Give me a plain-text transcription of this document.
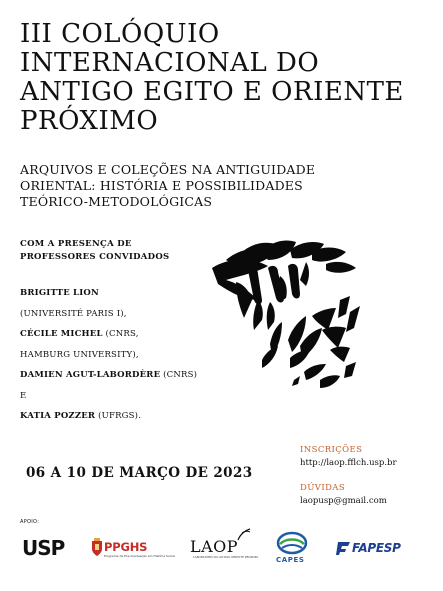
III COLÓQUIO
INTERNACIONAL DO
ANTIGO EGITO E ORIENTE
PRÓXIMO
ARQUIVOS E COLEÇÕES NA ANTIGUIDADE
ORIENTAL: HISTÓRIA E POSSIBILIDADES
TEÓRICO-METODOLÓGICAS
COM A PRESENÇA DE
PROFESSORES CONVIDADOS
BRIGITTE LION
(UNIVERSITÉ PARIS I),
CÉCILE MICHEL (CNRS,
HAMBURG UNIVERSITY),
DAMIEN AGUT-LABORDÈRE (CNRS)
E
KATIA POZZER (UFRGS).
06 A 10 DE MARÇO DE 2023
INSCRIÇÕES
http://laop.fflch.usp.br
DÚVIDAS
laopusp@gmail.com
APOIO:
USP	PPGHS
Programa de Pós-Graduação em História Social LAOP
LABORATÓRIO DO ANTIGO ORIENTE PRÓXIMO	CAPES
FAPESP
